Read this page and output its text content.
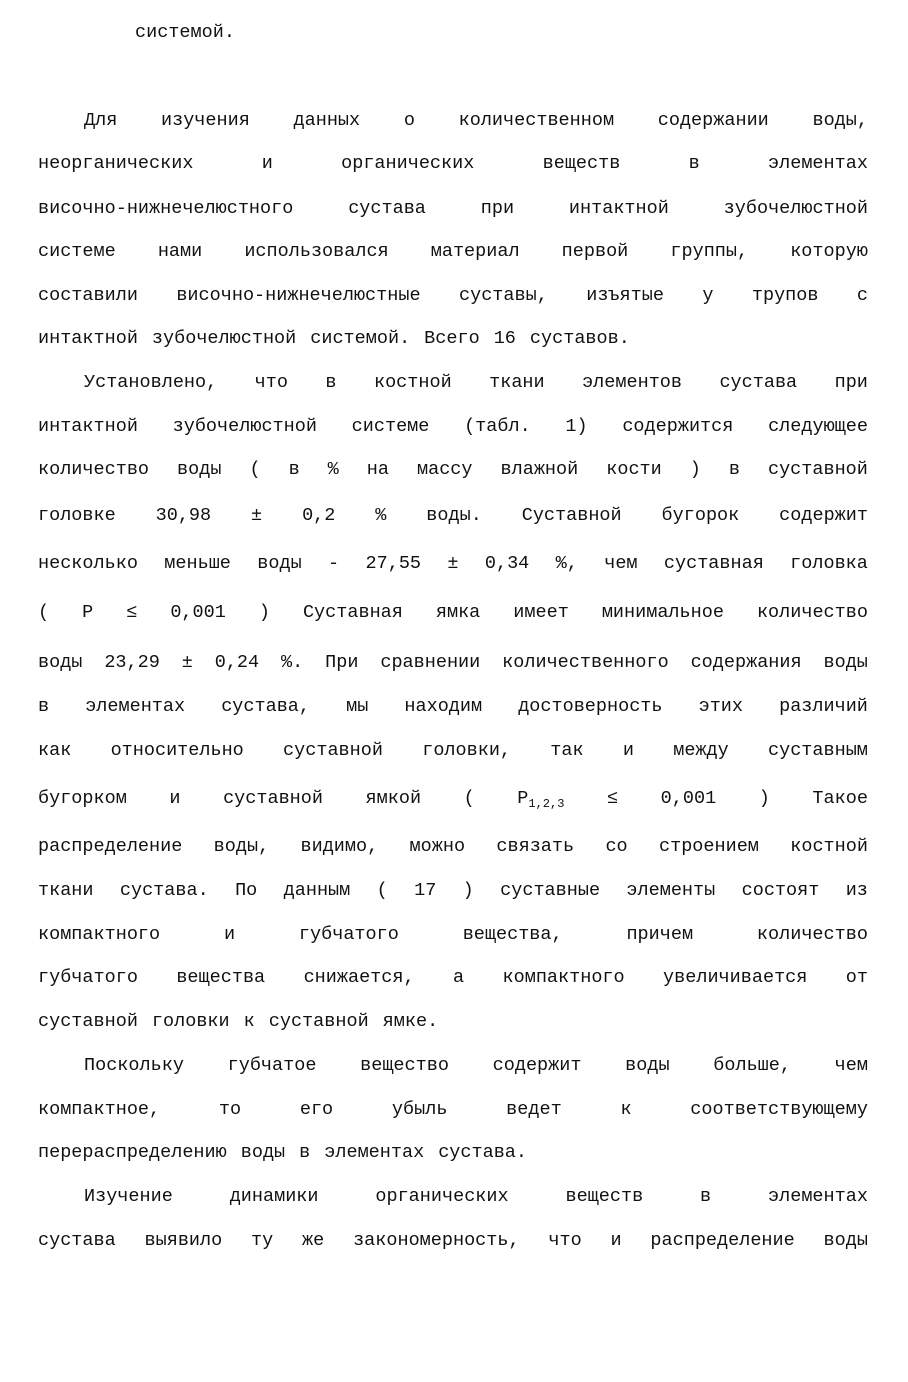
системой.
Для изучения данных о количественном содержании воды,
неорганических	и	органических	веществ	в	элементах
височно-нижнечелюстного	сустава	при	интактной	зубочелюстной
системе нами использовался материал первой группы, которую
составили височно-нижнечелюстные суставы, изъятые у трупов с
интактной зубочелюстной системой. Всего 16 суставов.
Установлено, что в костной ткани элементов сустава при
интактной зубочелюстной системе (табл. 1) содержится следующее
количество воды ( в % на массу влажной кости ) в суставной
головке 30,98 ± 0,2 % воды. Суставной бугорок содержит
несколько меньше воды - 27,55 ± 0,34 %, чем суставная головка
( Р ≤ 0,001 ) Суставная ямка имеет минимальное количество
воды 23,29 ± 0,24 %. При сравнении количественного содержания воды
в элементах сустава, мы находим достоверность этих различий
как относительно суставной головки, так и между суставным
бугорком и суставной ямкой ( $Р_{1,2,3} \le 0,001$ ) Такое
распределение воды, видимо, можно связать со строением костной
ткани сустава. По данным ( 17 ) суставные элементы состоят из
компактного	и	губчатого	вещества,	причем	количество
губчатого вещества снижается, а компактного увеличивается от
суставной головки к суставной ямке.
Поскольку губчатое вещество содержит воды больше, чем
компактное,	то	его	убыль	ведет	к	соответствующему
перераспределению воды в элементах сустава.
Изучение	динамики	органических	веществ	в	элементах
сустава выявило ту же закономерность, что и распределение воды
